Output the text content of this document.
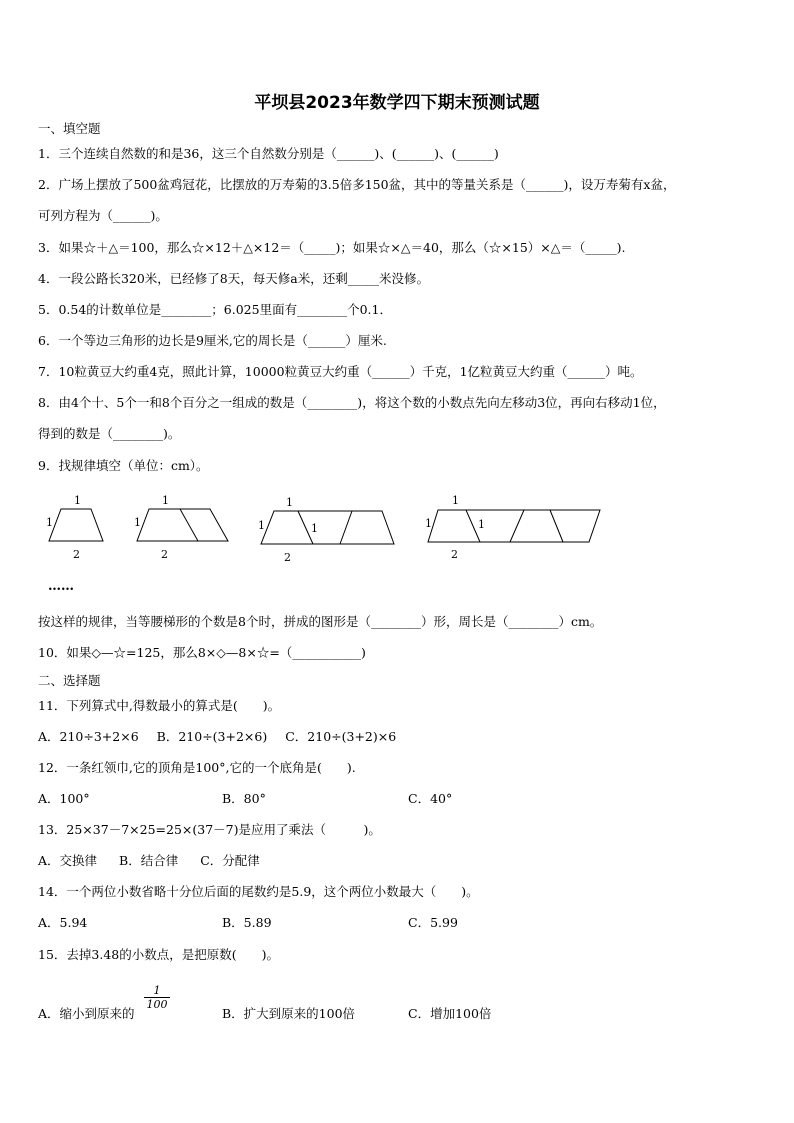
平坝县2023年数学四下期末预测试题
一、填空题
1．三个连续自然数的和是36，这三个自然数分别是（______)、(______)、(______)
2．广场上摆放了500盆鸡冠花，比摆放的万寿菊的3.5倍多150盆，其中的等量关系是（______)，设万寿菊有x盆，
可列方程为（______)。
3．如果☆＋△＝100，那么☆×12＋△×12＝（_____)；如果☆×△＝40，那么（☆×15）×△＝（_____).
4．一段公路长320米，已经修了8天，每天修a米，还剩_____米没修。
5．0.54的计数单位是________；6.025里面有________个0.1．
6．一个等边三角形的边长是9厘米,它的周长是（______）厘米.
7．10粒黄豆大约重4克，照此计算，10000粒黄豆大约重（______）千克，1亿粒黄豆大约重（______）吨。
8．由4个十、5个一和8个百分之一组成的数是（________)，将这个数的小数点先向左移动3位，再向右移动1位，
得到的数是（________)。
9．找规律填空（单位：cm）。
1
1
2
1
1
2
1
1	1
2
1
1	1
2
……
按这样的规律，当等腰梯形的个数是8个时，拼成的图形是（________）形，周长是（________）cm。
10．如果◇—☆=125，那么8×◇—8×☆=（___________)
二、选择题
11．下列算式中,得数最小的算式是(　　)。
A．210÷3+2×6 B．210÷(3+2×6) C．210÷(3+2)×6
12．一条红领巾,它的顶角是100°,它的一个底角是(　　).
A．100°	B．80°	C．40°
13．25×37－7×25=25×(37－7)是应用了乘法（　　　)。
A．交换律 B．结合律 C．分配律
14．一个两位小数省略十分位后面的尾数约是5.9，这个两位小数最大（　　)。
A．5.94	B．5.89	C．5.99
15．去掉3.48的小数点，是把原数(　　)。
A．缩小到原来的	B．扩大到原来的100倍	C．增加100倍
$\frac{1}{100}$
